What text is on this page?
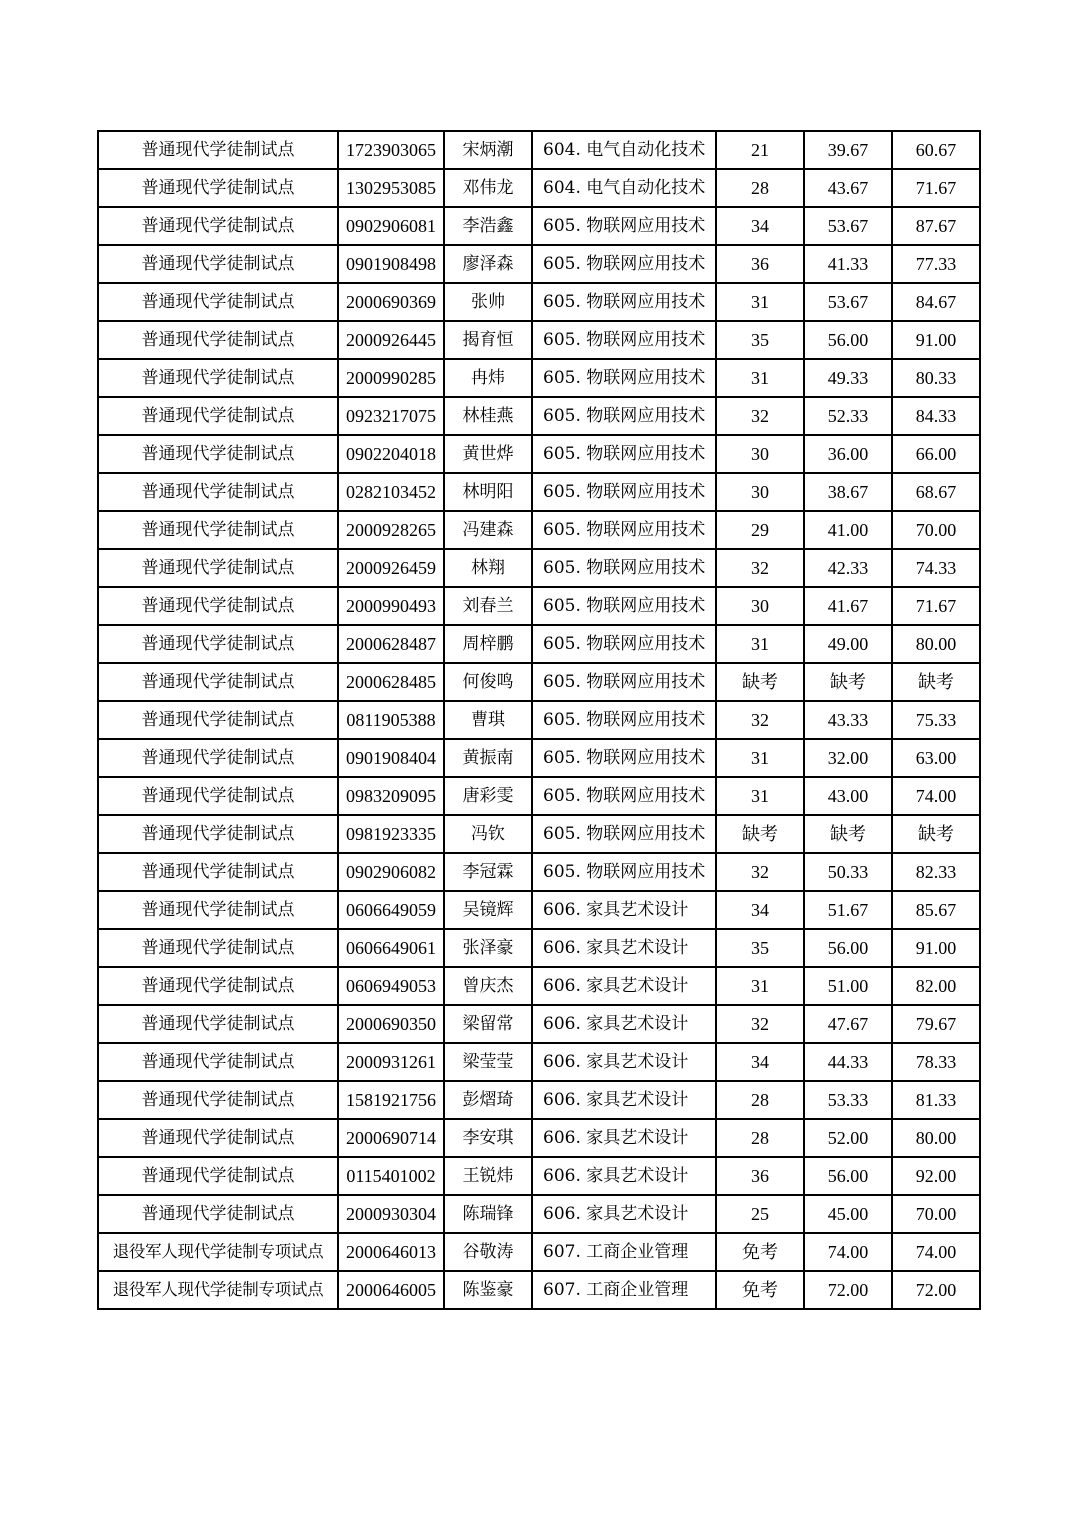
普通现代学徒制试点	1723903065	宋炳潮	604. 电气自动化技术	21	39.67	60.67
普通现代学徒制试点	1302953085	邓伟龙	604. 电气自动化技术	28	43.67	71.67
普通现代学徒制试点	0902906081	李浩鑫	605. 物联网应用技术	34	53.67	87.67
普通现代学徒制试点	0901908498	廖泽森	605. 物联网应用技术	36	41.33	77.33
普通现代学徒制试点	2000690369	张帅	605. 物联网应用技术	31	53.67	84.67
普通现代学徒制试点	2000926445	揭育恒	605. 物联网应用技术	35	56.00	91.00
普通现代学徒制试点	2000990285	冉炜	605. 物联网应用技术	31	49.33	80.33
普通现代学徒制试点	0923217075	林桂燕	605. 物联网应用技术	32	52.33	84.33
普通现代学徒制试点	0902204018	黄世烨	605. 物联网应用技术	30	36.00	66.00
普通现代学徒制试点	0282103452	林明阳	605. 物联网应用技术	30	38.67	68.67
普通现代学徒制试点	2000928265	冯建森	605. 物联网应用技术	29	41.00	70.00
普通现代学徒制试点	2000926459	林翔	605. 物联网应用技术	32	42.33	74.33
普通现代学徒制试点	2000990493	刘春兰	605. 物联网应用技术	30	41.67	71.67
普通现代学徒制试点	2000628487	周梓鹏	605. 物联网应用技术	31	49.00	80.00
普通现代学徒制试点	2000628485	何俊鸣	605. 物联网应用技术	缺考	缺考	缺考
普通现代学徒制试点	0811905388	曹琪	605. 物联网应用技术	32	43.33	75.33
普通现代学徒制试点	0901908404	黄振南	605. 物联网应用技术	31	32.00	63.00
普通现代学徒制试点	0983209095	唐彩雯	605. 物联网应用技术	31	43.00	74.00
普通现代学徒制试点	0981923335	冯钦	605. 物联网应用技术	缺考	缺考	缺考
普通现代学徒制试点	0902906082	李冠霖	605. 物联网应用技术	32	50.33	82.33
普通现代学徒制试点	0606649059	吴镜辉	606. 家具艺术设计	34	51.67	85.67
普通现代学徒制试点	0606649061	张泽豪	606. 家具艺术设计	35	56.00	91.00
普通现代学徒制试点	0606949053	曾庆杰	606. 家具艺术设计	31	51.00	82.00
普通现代学徒制试点	2000690350	梁留常	606. 家具艺术设计	32	47.67	79.67
普通现代学徒制试点	2000931261	梁莹莹	606. 家具艺术设计	34	44.33	78.33
普通现代学徒制试点	1581921756	彭熠琦	606. 家具艺术设计	28	53.33	81.33
普通现代学徒制试点	2000690714	李安琪	606. 家具艺术设计	28	52.00	80.00
普通现代学徒制试点	0115401002	王锐炜	606. 家具艺术设计	36	56.00	92.00
普通现代学徒制试点	2000930304	陈瑞锋	606. 家具艺术设计	25	45.00	70.00
退役军人现代学徒制专项试点	2000646013	谷敬涛	607. 工商企业管理	免考	74.00	74.00
退役军人现代学徒制专项试点	2000646005	陈鉴豪	607. 工商企业管理	免考	72.00	72.00
